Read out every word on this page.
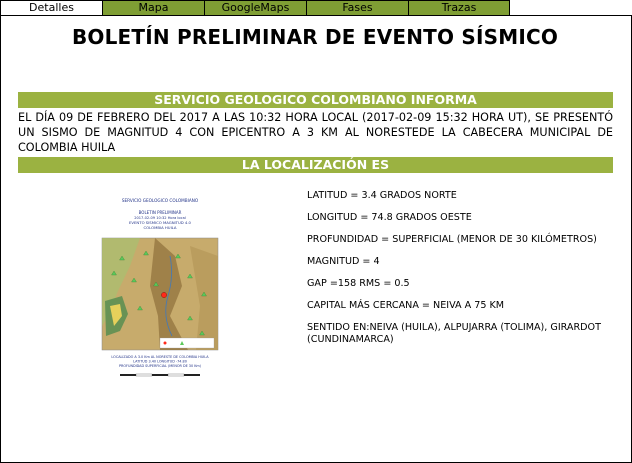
Detalles	Mapa	GoogleMaps	Fases	Trazas
BOLETÍN PRELIMINAR DE EVENTO SÍSMICO
SERVICIO GEOLOGICO COLOMBIANO INFORMA
EL DÍA 09 DE FEBRERO DEL 2017 A LAS 10:32 HORA LOCAL (2017-02-09 15:32 HORA UT), SE PRESENTÓ UN SISMO DE MAGNITUD 4 CON EPICENTRO A 3 KM AL NORESTEDE LA CABECERA MUNICIPAL DE COLOMBIA HUILA
LA LOCALIZACIÓN ES
SERVICIO GEOLOGICO COLOMBIANO
BOLETIN PRELIMINAR
2017-02-09 10:32 Hora local
EVENTO SISMICO MAGNITUD 4.0
COLOMBIA HUILA
LOCALIZADO A 3.0 Km AL NORESTE DE COLOMBIA HUILA
LATITUD 3.40 LONGITUD -74.80
PROFUNDIDAD SUPERFICIAL (MENOR DE 30 Km)

LATITUD = 3.4 GRADOS NORTE

LONGITUD = 74.8 GRADOS OESTE

PROFUNDIDAD = SUPERFICIAL (MENOR DE 30 KILÓMETROS)

MAGNITUD = 4

GAP =158 RMS = 0.5

CAPITAL MÁS CERCANA = NEIVA A 75 KM

SENTIDO EN:NEIVA (HUILA), ALPUJARRA (TOLIMA), GIRARDOT (CUNDINAMARCA)
